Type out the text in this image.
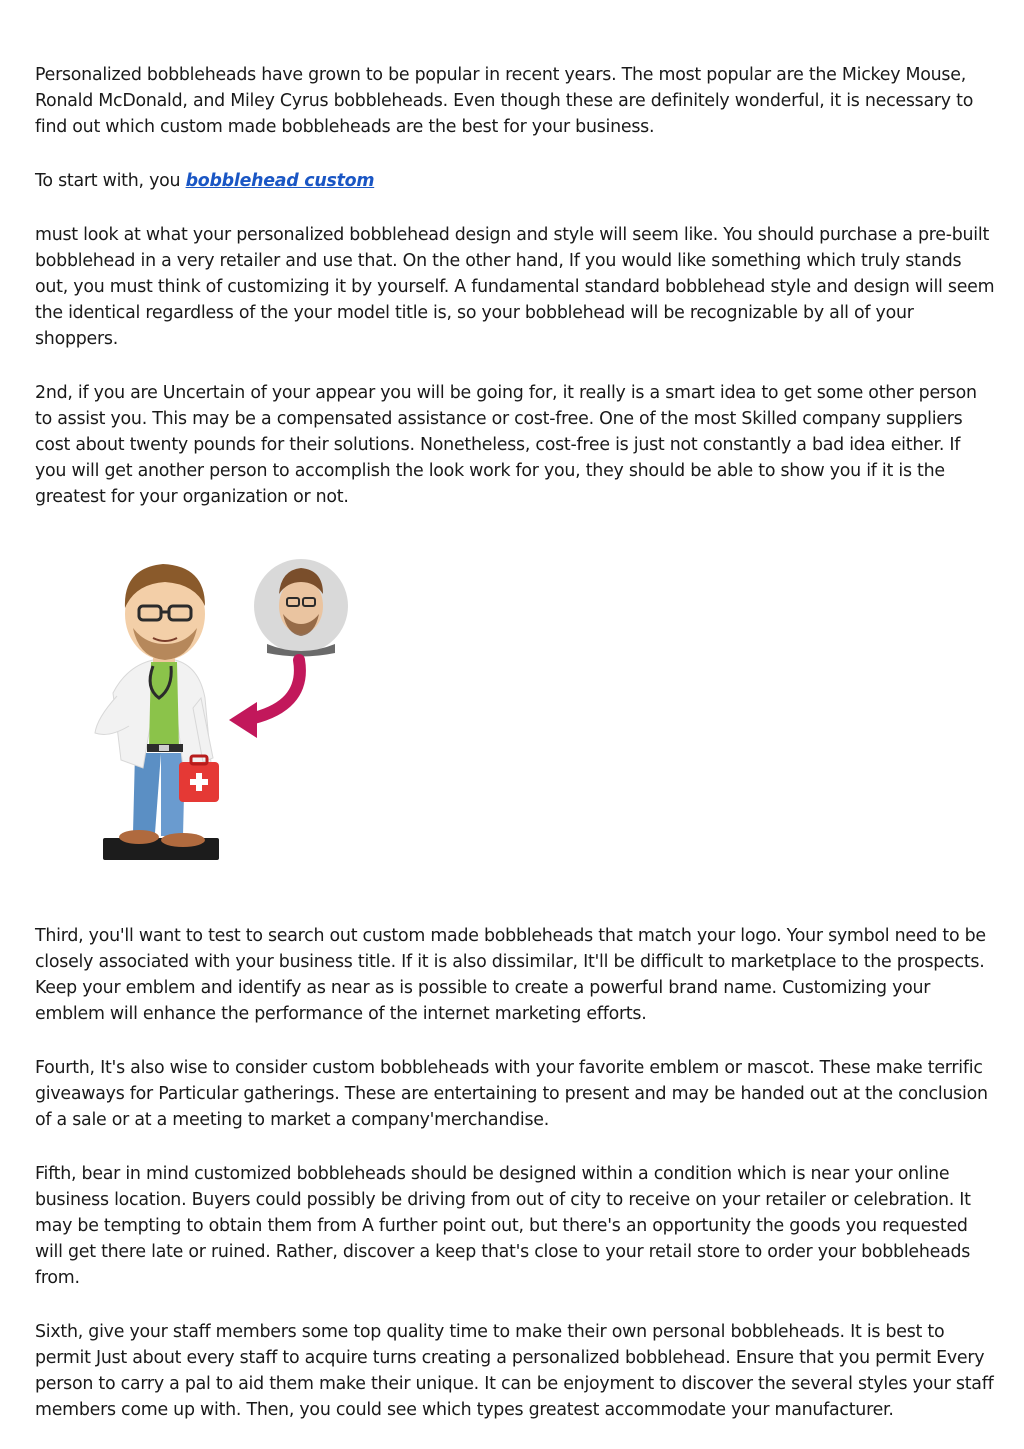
Personalized bobbleheads have grown to be popular in recent years. The most popular are the Mickey Mouse, Ronald McDonald, and Miley Cyrus bobbleheads. Even though these are definitely wonderful, it is necessary to find out which custom made bobbleheads are the best for your business.

To start with, you bobblehead custom

must look at what your personalized bobblehead design and style will seem like. You should purchase a pre-built bobblehead in a very retailer and use that. On the other hand, If you would like something which truly stands out, you must think of customizing it by yourself. A fundamental standard bobblehead style and design will seem the identical regardless of the your model title is, so your bobblehead will be recognizable by all of your shoppers.

2nd, if you are Uncertain of your appear you will be going for, it really is a smart idea to get some other person to assist you. This may be a compensated assistance or cost-free. One of the most Skilled company suppliers cost about twenty pounds for their solutions. Nonetheless, cost-free is just not constantly a bad idea either. If you will get another person to accomplish the look work for you, they should be able to show you if it is the greatest for your organization or not.

Third, you'll want to test to search out custom made bobbleheads that match your logo. Your symbol need to be closely associated with your business title. If it is also dissimilar, It'll be difficult to marketplace to the prospects. Keep your emblem and identify as near as is possible to create a powerful brand name. Customizing your emblem will enhance the performance of the internet marketing efforts.

Fourth, It's also wise to consider custom bobbleheads with your favorite emblem or mascot. These make terrific giveaways for Particular gatherings. These are entertaining to present and may be handed out at the conclusion of a sale or at a meeting to market a company'merchandise.

Fifth, bear in mind customized bobbleheads should be designed within a condition which is near your online business location. Buyers could possibly be driving from out of city to receive on your retailer or celebration. It may be tempting to obtain them from A further point out, but there's an opportunity the goods you requested will get there late or ruined. Rather, discover a keep that's close to your retail store to order your bobbleheads from.

Sixth, give your staff members some top quality time to make their own personal bobbleheads. It is best to permit Just about every staff to acquire turns creating a personalized bobblehead. Ensure that you permit Every person to carry a pal to aid them make their unique. It can be enjoyment to discover the several styles your staff members come up with. Then, you could see which types greatest accommodate your manufacturer.
